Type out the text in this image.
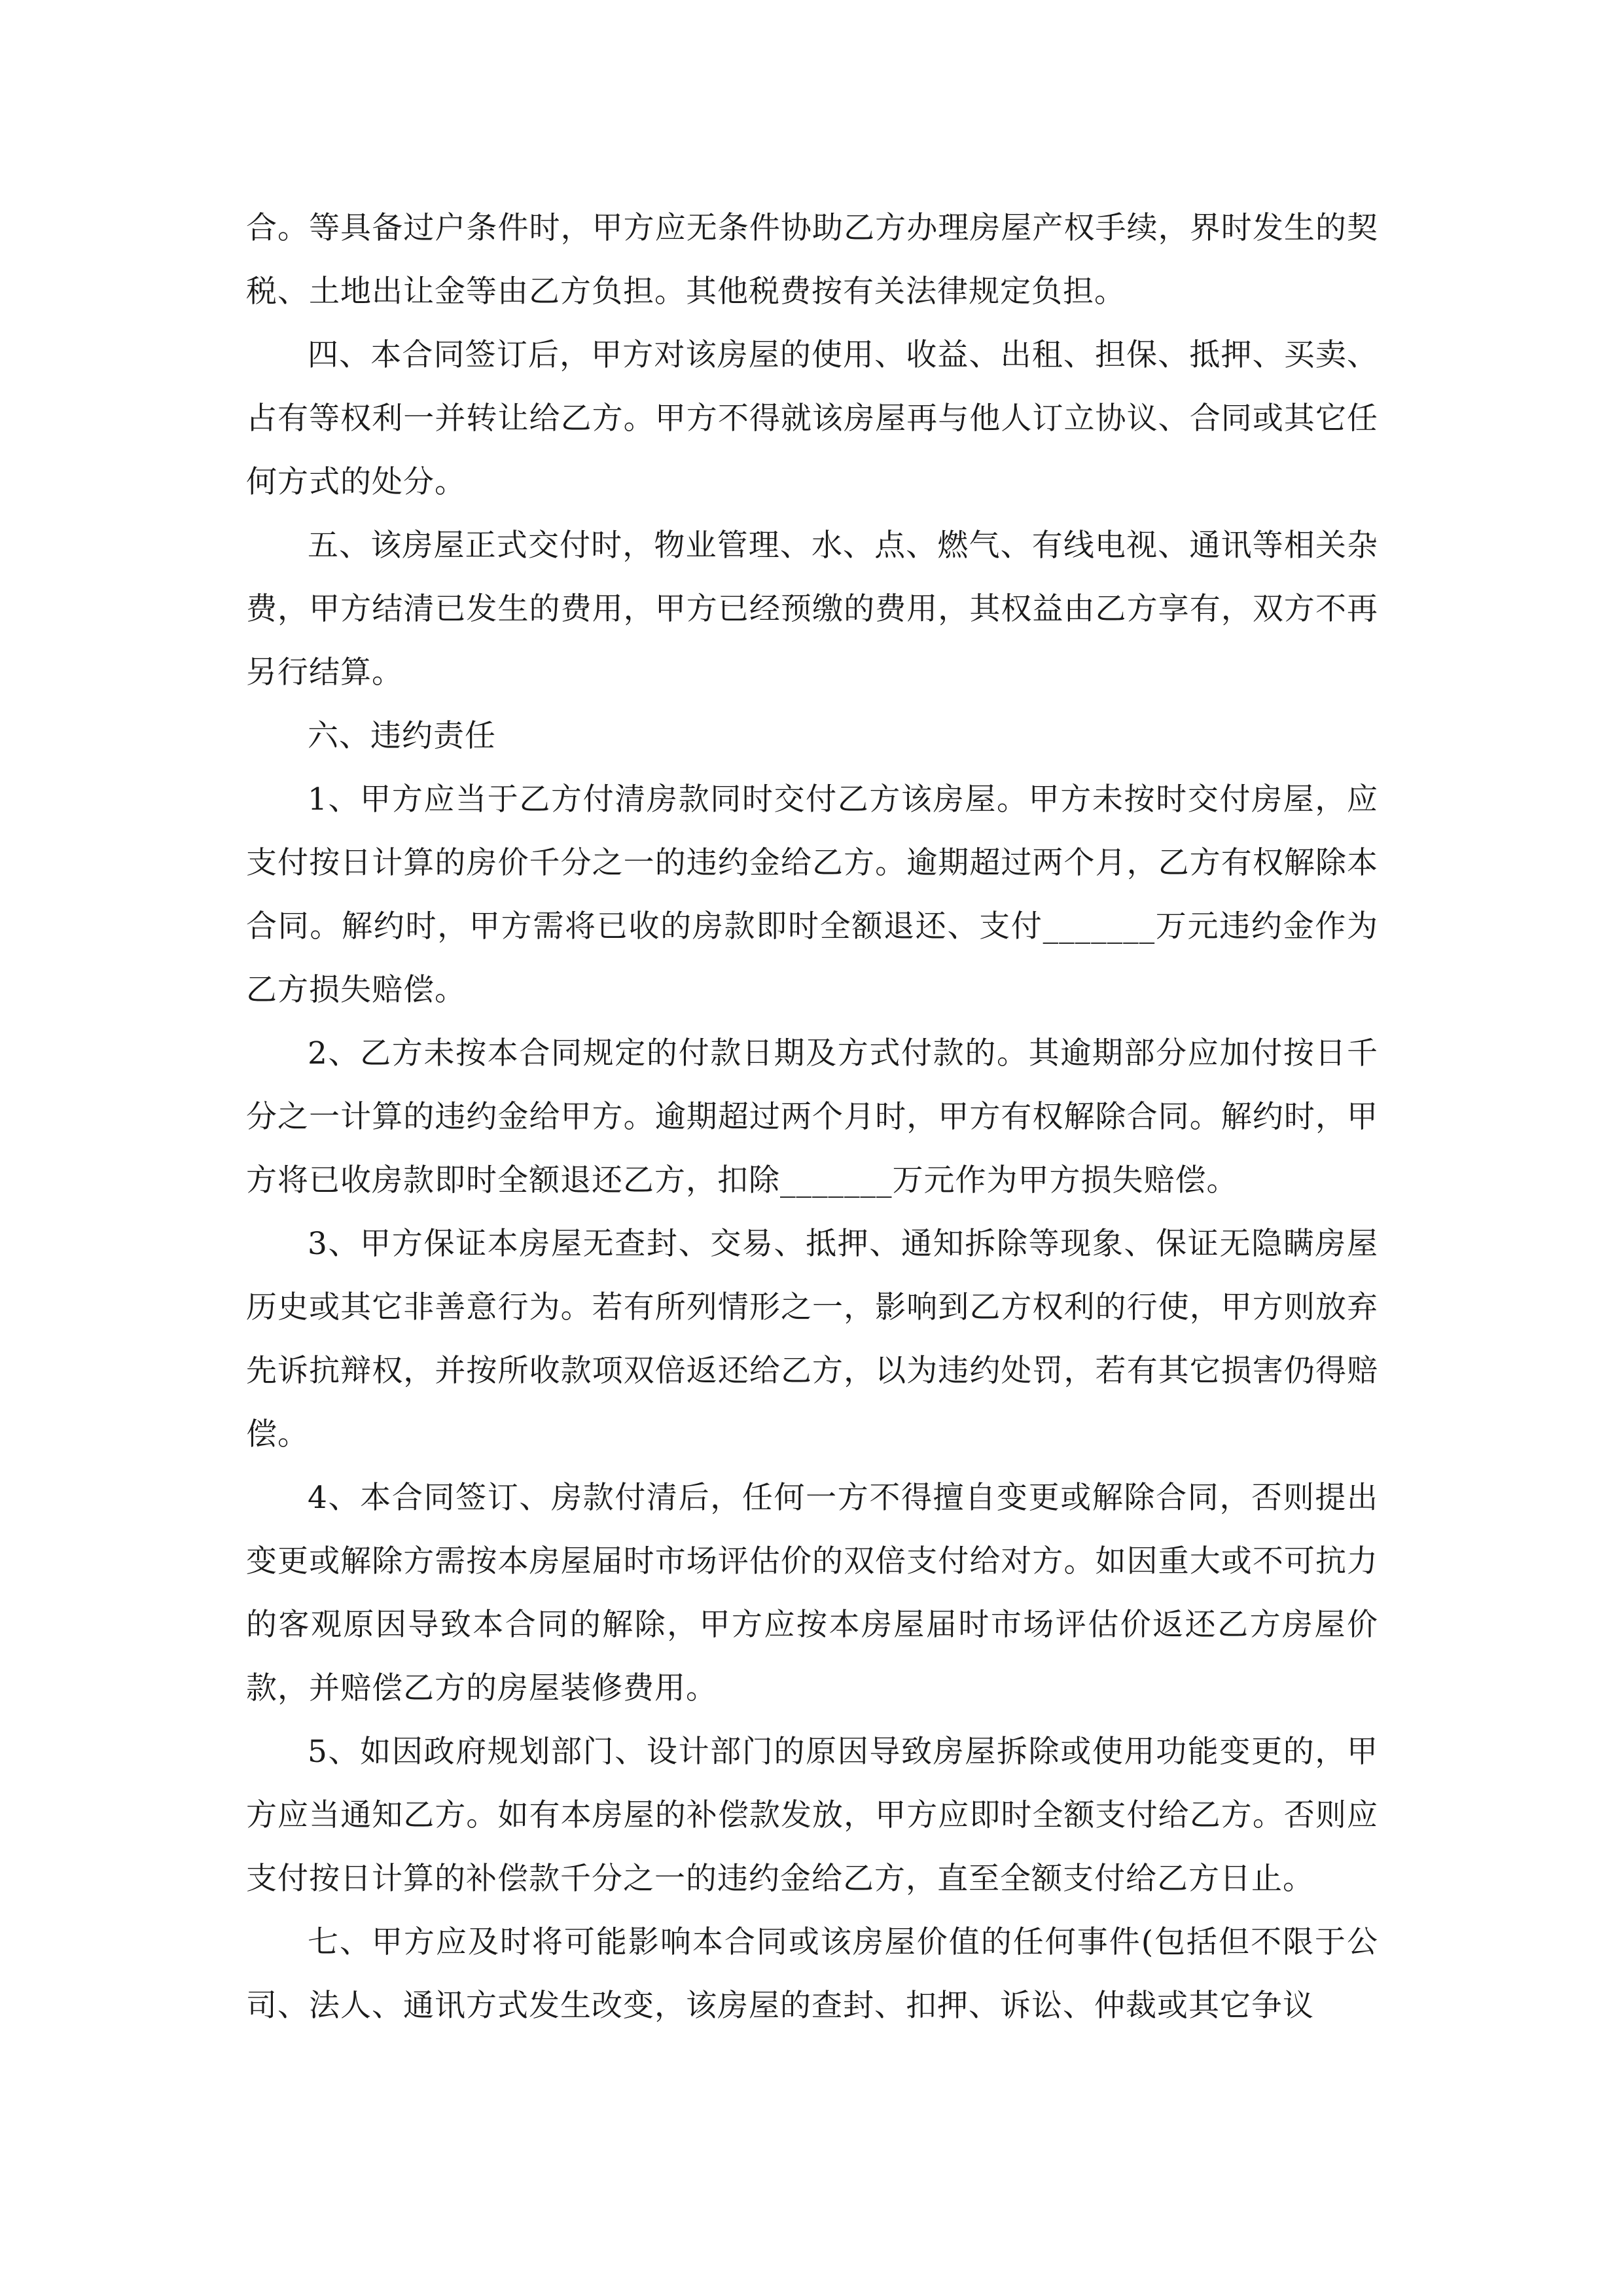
合。等具备过户条件时，甲方应无条件协助乙方办理房屋产权手续，界时发生的契税、土地出让金等由乙方负担。其他税费按有关法律规定负担。

四、本合同签订后，甲方对该房屋的使用、收益、出租、担保、抵押、买卖、占有等权利一并转让给乙方。甲方不得就该房屋再与他人订立协议、合同或其它任何方式的处分。

五、该房屋正式交付时，物业管理、水、点、燃气、有线电视、通讯等相关杂费，甲方结清已发生的费用，甲方已经预缴的费用，其权益由乙方享有，双方不再另行结算。

六、违约责任

1、甲方应当于乙方付清房款同时交付乙方该房屋。甲方未按时交付房屋，应支付按日计算的房价千分之一的违约金给乙方。逾期超过两个月，乙方有权解除本合同。解约时，甲方需将已收的房款即时全额退还、支付_______万元违约金作为乙方损失赔偿。

2、乙方未按本合同规定的付款日期及方式付款的。其逾期部分应加付按日千分之一计算的违约金给甲方。逾期超过两个月时，甲方有权解除合同。解约时，甲方将已收房款即时全额退还乙方，扣除_______万元作为甲方损失赔偿。

3、甲方保证本房屋无查封、交易、抵押、通知拆除等现象、保证无隐瞒房屋历史或其它非善意行为。若有所列情形之一，影响到乙方权利的行使，甲方则放弃先诉抗辩权，并按所收款项双倍返还给乙方，以为违约处罚，若有其它损害仍得赔偿。

4、本合同签订、房款付清后，任何一方不得擅自变更或解除合同，否则提出变更或解除方需按本房屋届时市场评估价的双倍支付给对方。如因重大或不可抗力的客观原因导致本合同的解除，甲方应按本房屋届时市场评估价返还乙方房屋价款，并赔偿乙方的房屋装修费用。

5、如因政府规划部门、设计部门的原因导致房屋拆除或使用功能变更的，甲方应当通知乙方。如有本房屋的补偿款发放，甲方应即时全额支付给乙方。否则应支付按日计算的补偿款千分之一的违约金给乙方，直至全额支付给乙方日止。

七、甲方应及时将可能影响本合同或该房屋价值的任何事件(包括但不限于公司、法人、通讯方式发生改变，该房屋的查封、扣押、诉讼、仲裁或其它争议
